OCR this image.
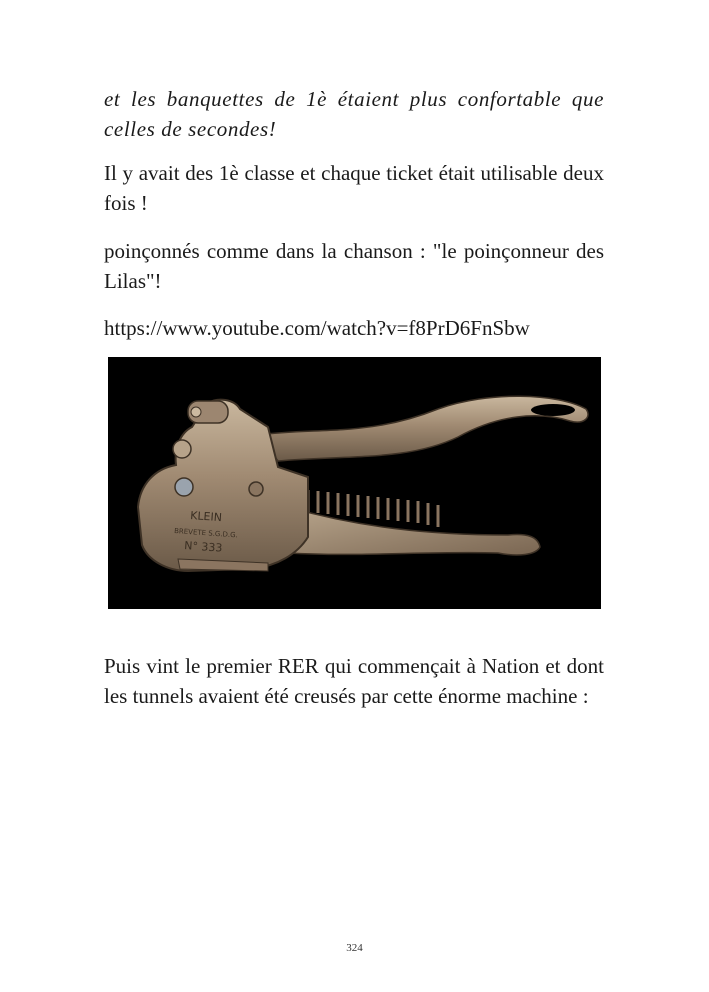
et les banquettes de 1è étaient plus confortable que celles de secondes!

Il y avait des 1è classe et chaque ticket était utilisable deux fois !

poinçonnés comme dans la chanson : "le poinçonneur des Lilas"!

https://www.youtube.com/watch?v=f8PrD6FnSbw

KLEIN
BREVETE S.G.D.G.
N° 333

Puis vint le premier RER qui commençait à Nation et dont les tunnels avaient été creusés par cette énorme machine :

324
